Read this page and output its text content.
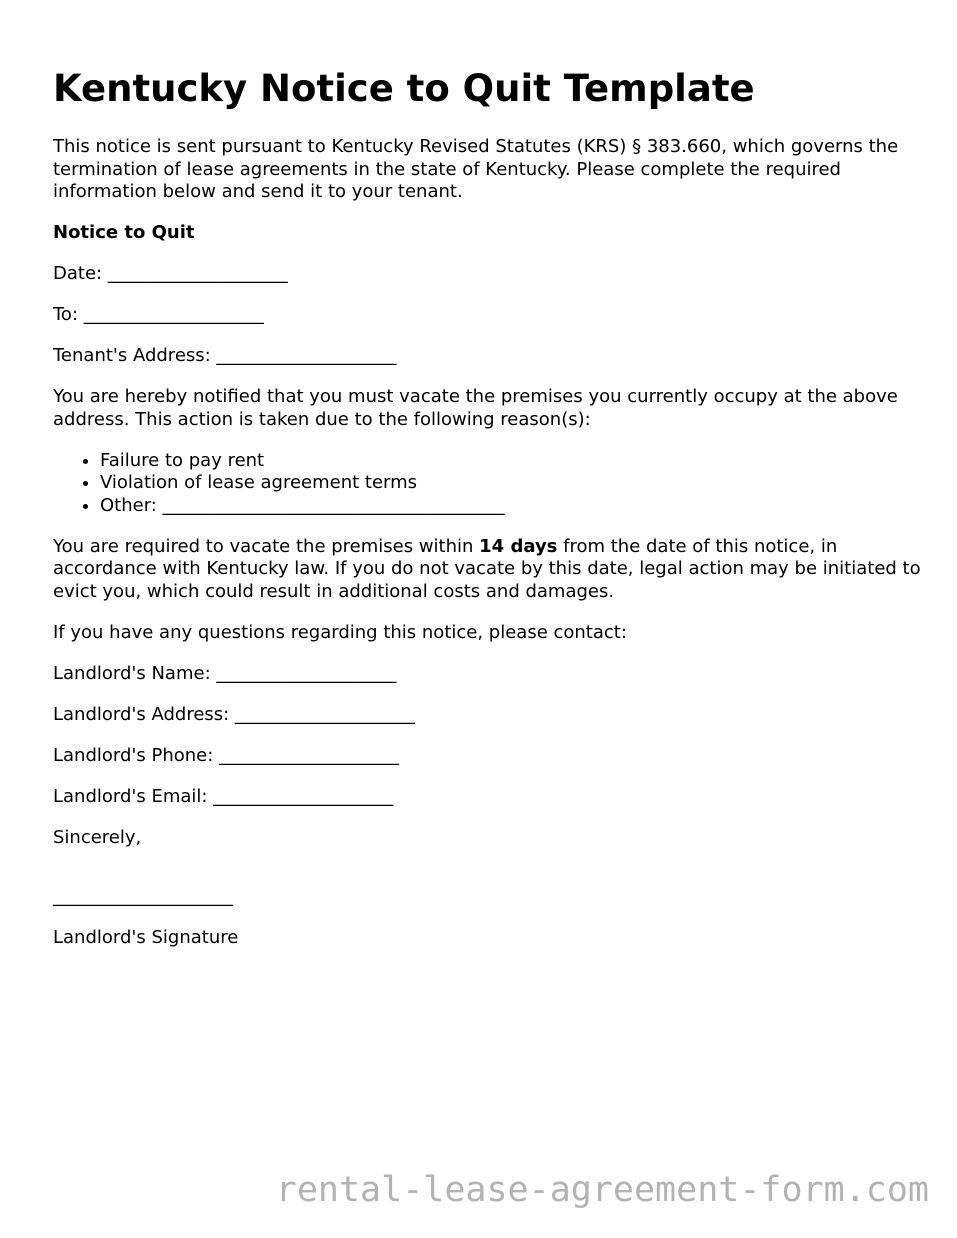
Kentucky Notice to Quit Template

This notice is sent pursuant to Kentucky Revised Statutes (KRS) § 383.660, which governs the termination of lease agreements in the state of Kentucky. Please complete the required information below and send it to your tenant.

Notice to Quit

Date: ____________________

To: ____________________

Tenant's Address: ____________________

You are hereby notified that you must vacate the premises you currently occupy at the above address. This action is taken due to the following reason(s):

• Failure to pay rent
• Violation of lease agreement terms
• Other: ______________________________________

You are required to vacate the premises within 14 days from the date of this notice, in accordance with Kentucky law. If you do not vacate by this date, legal action may be initiated to evict you, which could result in additional costs and damages.

If you have any questions regarding this notice, please contact:

Landlord's Name: ____________________

Landlord's Address: ____________________

Landlord's Phone: ____________________

Landlord's Email: ____________________

Sincerely,

____________________

Landlord's Signature

rental-lease-agreement-form.com
